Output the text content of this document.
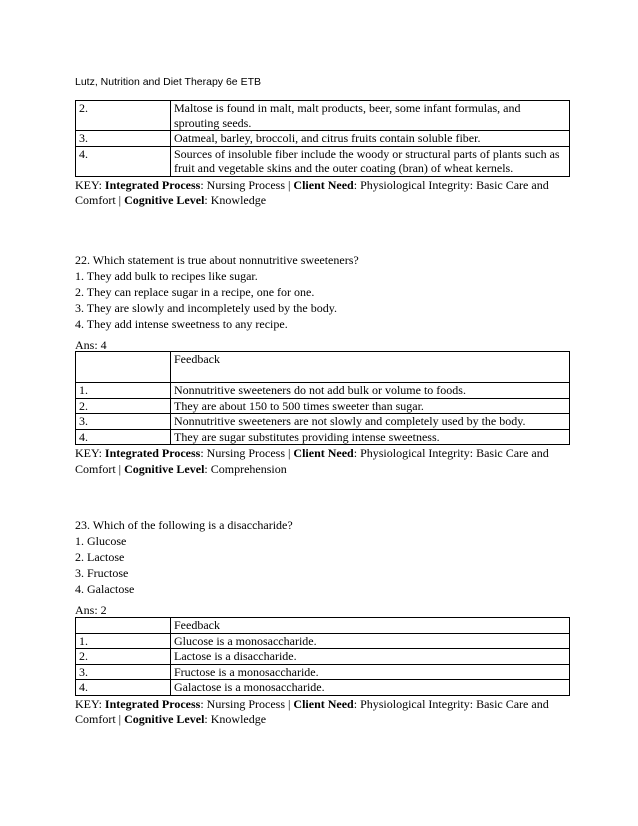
Lutz, Nutrition and Diet Therapy 6e ETB
2.	Maltose is found in malt, malt products, beer, some infant formulas, and sprouting seeds.
3.	Oatmeal, barley, broccoli, and citrus fruits contain soluble fiber.
4.	Sources of insoluble fiber include the woody or structural parts of plants such as fruit and vegetable skins and the outer coating (bran) of wheat kernels.
KEY: Integrated Process: Nursing Process | Client Need: Physiological Integrity: Basic Care and Comfort | Cognitive Level: Knowledge
22. Which statement is true about nonnutritive sweeteners?
1. They add bulk to recipes like sugar.
2. They can replace sugar in a recipe, one for one.
3. They are slowly and incompletely used by the body.
4. They add intense sweetness to any recipe.
Ans: 4
	Feedback
1.	Nonnutritive sweeteners do not add bulk or volume to foods.
2.	They are about 150 to 500 times sweeter than sugar.
3.	Nonnutritive sweeteners are not slowly and completely used by the body.
4.	They are sugar substitutes providing intense sweetness.
KEY: Integrated Process: Nursing Process | Client Need: Physiological Integrity: Basic Care and Comfort | Cognitive Level: Comprehension
23. Which of the following is a disaccharide?
1. Glucose
2. Lactose
3. Fructose
4. Galactose
Ans: 2
	Feedback
1.	Glucose is a monosaccharide.
2.	Lactose is a disaccharide.
3.	Fructose is a monosaccharide.
4.	Galactose is a monosaccharide.
KEY: Integrated Process: Nursing Process | Client Need: Physiological Integrity: Basic Care and Comfort | Cognitive Level: Knowledge
